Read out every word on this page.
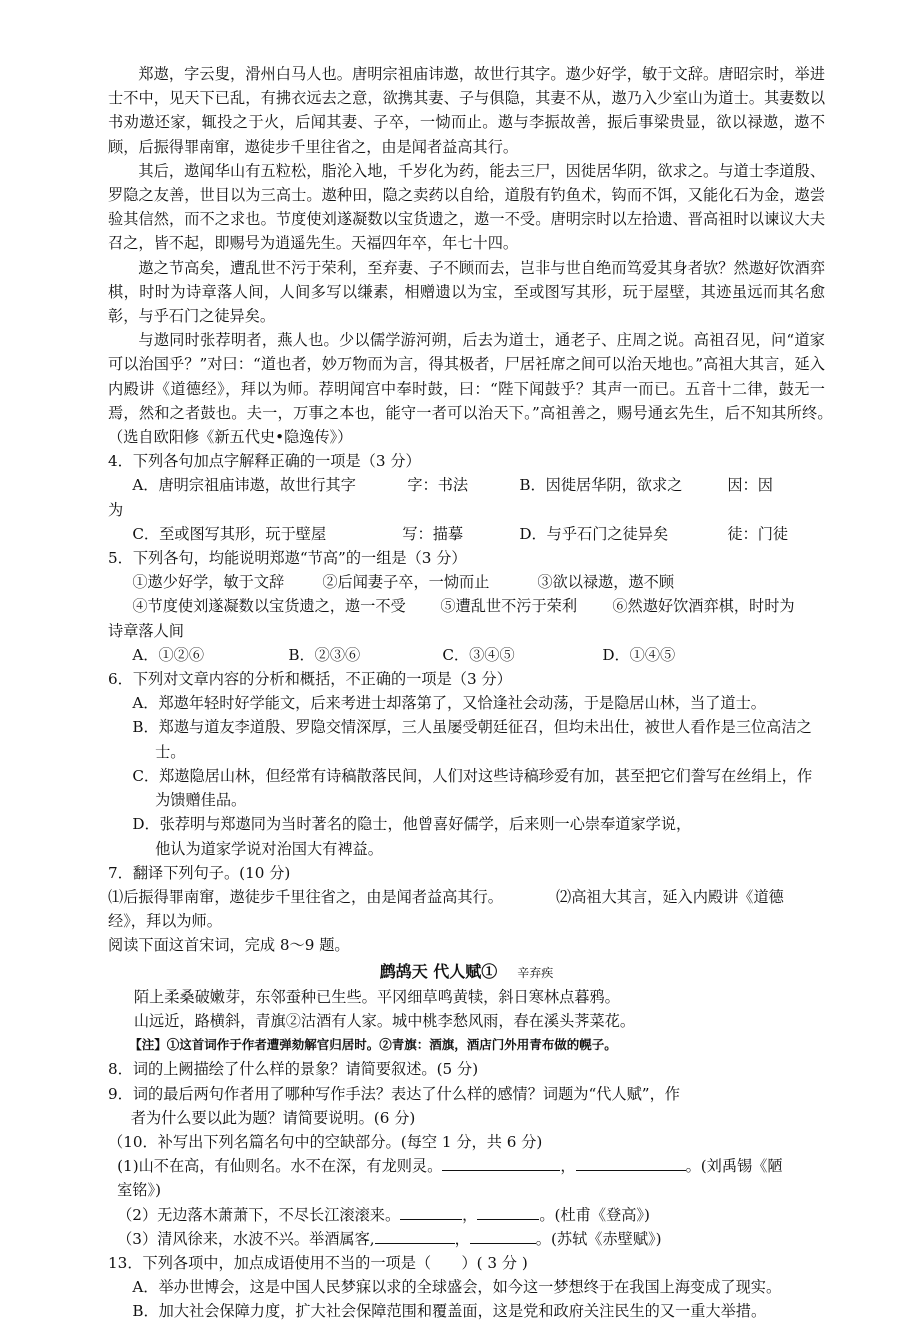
郑遨，字云叟，滑州白马人也。唐明宗祖庙讳遨，故世行其字。遨少好学，敏于文辞。唐昭宗时，举进士不中，见天下已乱，有拂衣远去之意，欲携其妻、子与俱隐，其妻不从，遨乃入少室山为道士。其妻数以书劝遨还家，辄投之于火，后闻其妻、子卒，一恸而止。遨与李振故善，振后事梁贵显，欲以禄遨，遨不顾，后振得罪南窜，遨徒步千里往省之，由是闻者益高其行。

其后，遨闻华山有五粒松，脂沦入地，千岁化为药，能去三尸，因徙居华阴，欲求之。与道士李道殷、罗隐之友善，世目以为三高士。遨种田，隐之卖药以自给，道殷有钓鱼术，钩而不饵，又能化石为金，遨尝验其信然，而不之求也。节度使刘遂凝数以宝货遗之，遨一不受。唐明宗时以左拾遗、晋高祖时以谏议大夫召之，皆不起，即赐号为逍遥先生。天福四年卒，年七十四。

遨之节高矣，遭乱世不污于荣利，至弃妻、子不顾而去，岂非与世自绝而笃爱其身者欤？然遨好饮酒弈棋，时时为诗章落人间，人间多写以缣素，相赠遗以为宝，至或图写其形，玩于屋壁，其迹虽远而其名愈彰，与乎石门之徒异矣。

与遨同时张荐明者，燕人也。少以儒学游河朔，后去为道士，通老子、庄周之说。高祖召见，问“道家可以治国乎？”对曰：“道也者，妙万物而为言，得其极者，尸居衽席之间可以治天地也。”高祖大其言，延入内殿讲《道德经》，拜以为师。荐明闻宫中奉时鼓，曰：“陛下闻鼓乎？其声一而已。五音十二律，鼓无一焉，然和之者鼓也。夫一，万事之本也，能守一者可以治天下。”高祖善之，赐号通玄先生，后不知其所终。　（选自欧阳修《新五代史•隐逸传》）

4．下列各句加点字解释正确的一项是（3 分）

A．唐明宗祖庙讳遨，故世行其字	字：书法	B．因徙居华阴，欲求之	因：因

为

C．至或图写其形，玩于壁屋	写：描摹	D．与乎石门之徒异矣	徒：门徒

5．下列各句，均能说明郑遨“节高”的一组是（3 分）

①遨少好学，敏于文辞	②后闻妻子卒，一恸而止	③欲以禄遨，遨不顾
④节度使刘遂凝数以宝货遗之，遨一不受	⑤遭乱世不污于荣利	⑥然遨好饮酒弈棋，时时为

诗章落人间

A．①②⑥	B．②③⑥	C．③④⑤	D．①④⑤

6．下列对文章内容的分析和概括，不正确的一项是（3 分）

A．郑遨年轻时好学能文，后来考进士却落第了，又恰逢社会动荡，于是隐居山林，当了道士。

B．郑遨与道友李道殷、罗隐交情深厚，三人虽屡受朝廷征召，但均未出仕，被世人看作是三位高洁之士。

C．郑遨隐居山林，但经常有诗稿散落民间，人们对这些诗稿珍爱有加，甚至把它们誊写在丝绢上，作为馈赠佳品。

D．张荐明与郑遨同为当时著名的隐士，他曾喜好儒学，后来则一心崇奉道家学说，

他认为道家学说对治国大有裨益。

7．翻译下列句子。(10 分)

⑴后振得罪南窜，遨徒步千里往省之，由是闻者益高其行。	⑵高祖大其言，延入内殿讲《道德

经》，拜以为师。

阅读下面这首宋词，完成 8～9 题。

鹧鸪天 代人赋① 辛弃疾

陌上柔桑破嫩芽，东邻蚕种已生些。平冈细草鸣黄犊，斜日寒林点暮鸦。

山远近，路横斜，青旗②沽酒有人家。城中桃李愁风雨，春在溪头荠菜花。

【注】①这首词作于作者遭弹劾解官归居时。②青旗：酒旗，酒店门外用青布做的幌子。

8．词的上阙描绘了什么样的景象？请简要叙述。(5 分)

9．词的最后两句作者用了哪种写作手法？表达了什么样的感情？词题为“代人赋”，作

者为什么要以此为题？请简要说明。(6 分)

（10．补写出下列名篇名句中的空缺部分。(每空 1 分，共 6 分)

(1)山不在高，有仙则名。水不在深，有龙则灵。	，	。(刘禹锡《陋

室铭》)

（2）无边落木萧萧下，不尽长江滚滚来。	，	。(杜甫《登高》)

（3）清风徐来，水波不兴。举酒属客,	，	。(苏轼《赤壁赋》)

13．下列各项中，加点成语使用不当的一项是（　　）( 3 分 )

A．举办世博会，这是中国人民梦寐以求的全球盛会，如今这一梦想终于在我国上海变成了现实。

B．加大社会保障力度，扩大社会保障范围和覆盖面，这是党和政府关注民生的又一重大举措。
